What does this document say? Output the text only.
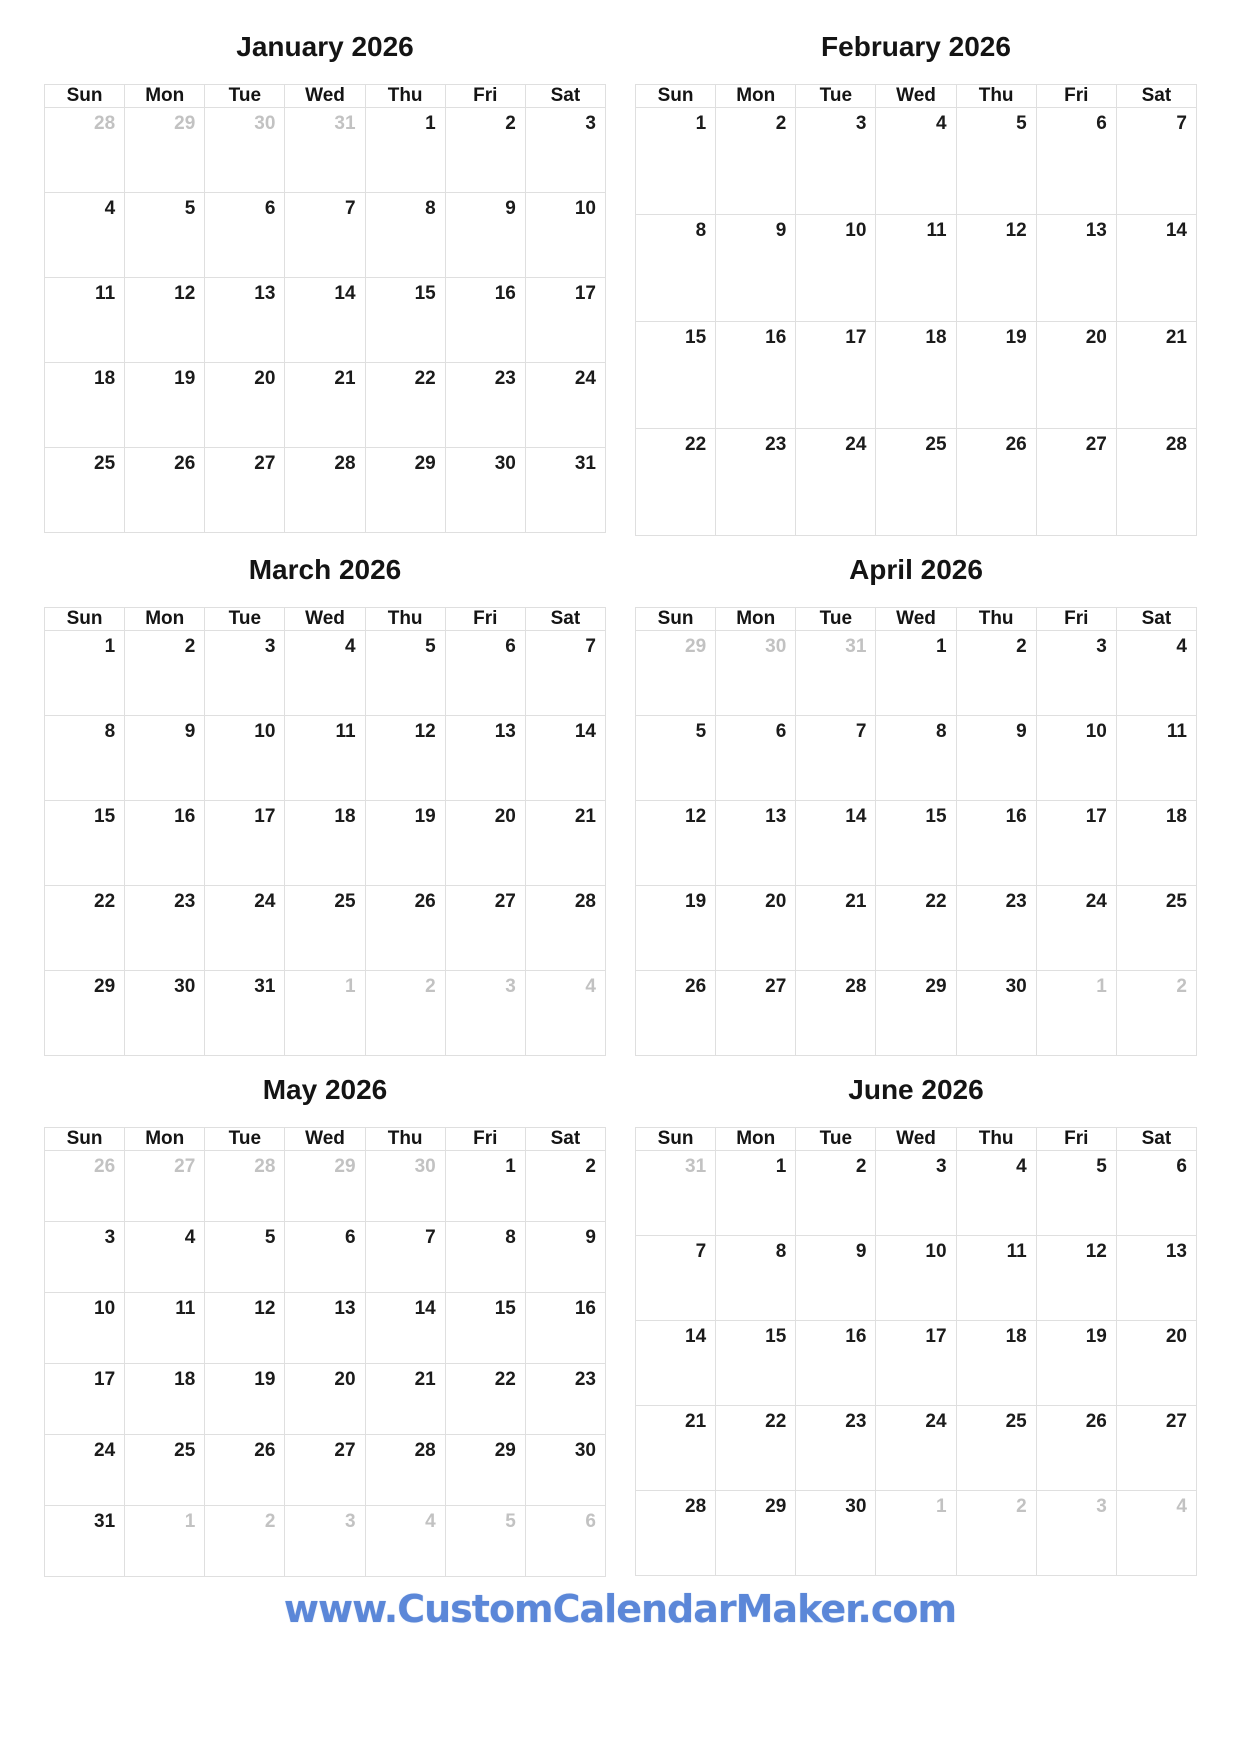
January 2026
Sun	Mon	Tue	Wed	Thu	Fri	Sat
28	29	30	31	1	2	3
4	5	6	7	8	9	10
11	12	13	14	15	16	17
18	19	20	21	22	23	24
25	26	27	28	29	30	31
February 2026
Sun	Mon	Tue	Wed	Thu	Fri	Sat
1	2	3	4	5	6	7
8	9	10	11	12	13	14
15	16	17	18	19	20	21
22	23	24	25	26	27	28
March 2026
Sun	Mon	Tue	Wed	Thu	Fri	Sat
1	2	3	4	5	6	7
8	9	10	11	12	13	14
15	16	17	18	19	20	21
22	23	24	25	26	27	28
29	30	31	1	2	3	4
April 2026
Sun	Mon	Tue	Wed	Thu	Fri	Sat
29	30	31	1	2	3	4
5	6	7	8	9	10	11
12	13	14	15	16	17	18
19	20	21	22	23	24	25
26	27	28	29	30	1	2
May 2026
Sun	Mon	Tue	Wed	Thu	Fri	Sat
26	27	28	29	30	1	2
3	4	5	6	7	8	9
10	11	12	13	14	15	16
17	18	19	20	21	22	23
24	25	26	27	28	29	30
31	1	2	3	4	5	6
June 2026
Sun	Mon	Tue	Wed	Thu	Fri	Sat
31	1	2	3	4	5	6
7	8	9	10	11	12	13
14	15	16	17	18	19	20
21	22	23	24	25	26	27
28	29	30	1	2	3	4
www.CustomCalendarMaker.com
